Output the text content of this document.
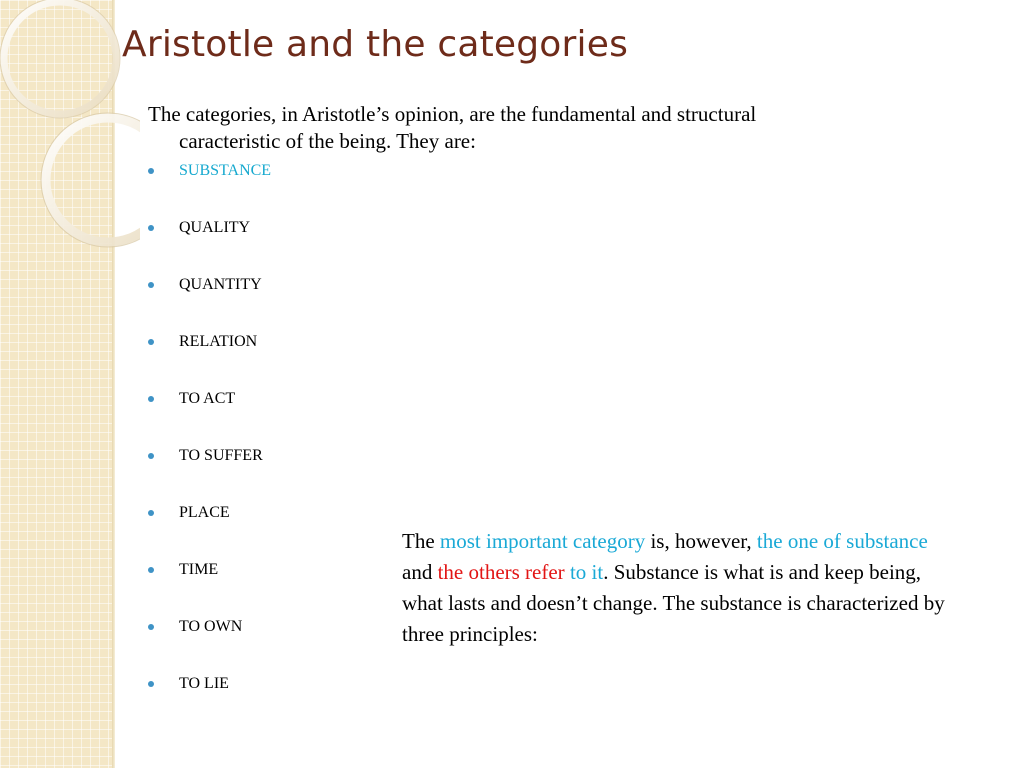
Aristotle and the categories

The categories, in Aristotle’s opinion, are the fundamental and structural
caracteristic of the being. They are:

SUBSTANCE
QUALITY
QUANTITY
RELATION
TO ACT
TO SUFFER
PLACE
TIME
TO OWN
TO LIE

The most important category is, however, the one of substance and the others refer to it. Substance is what is and keep being, what lasts and doesn’t change. The substance is characterized by three principles:
